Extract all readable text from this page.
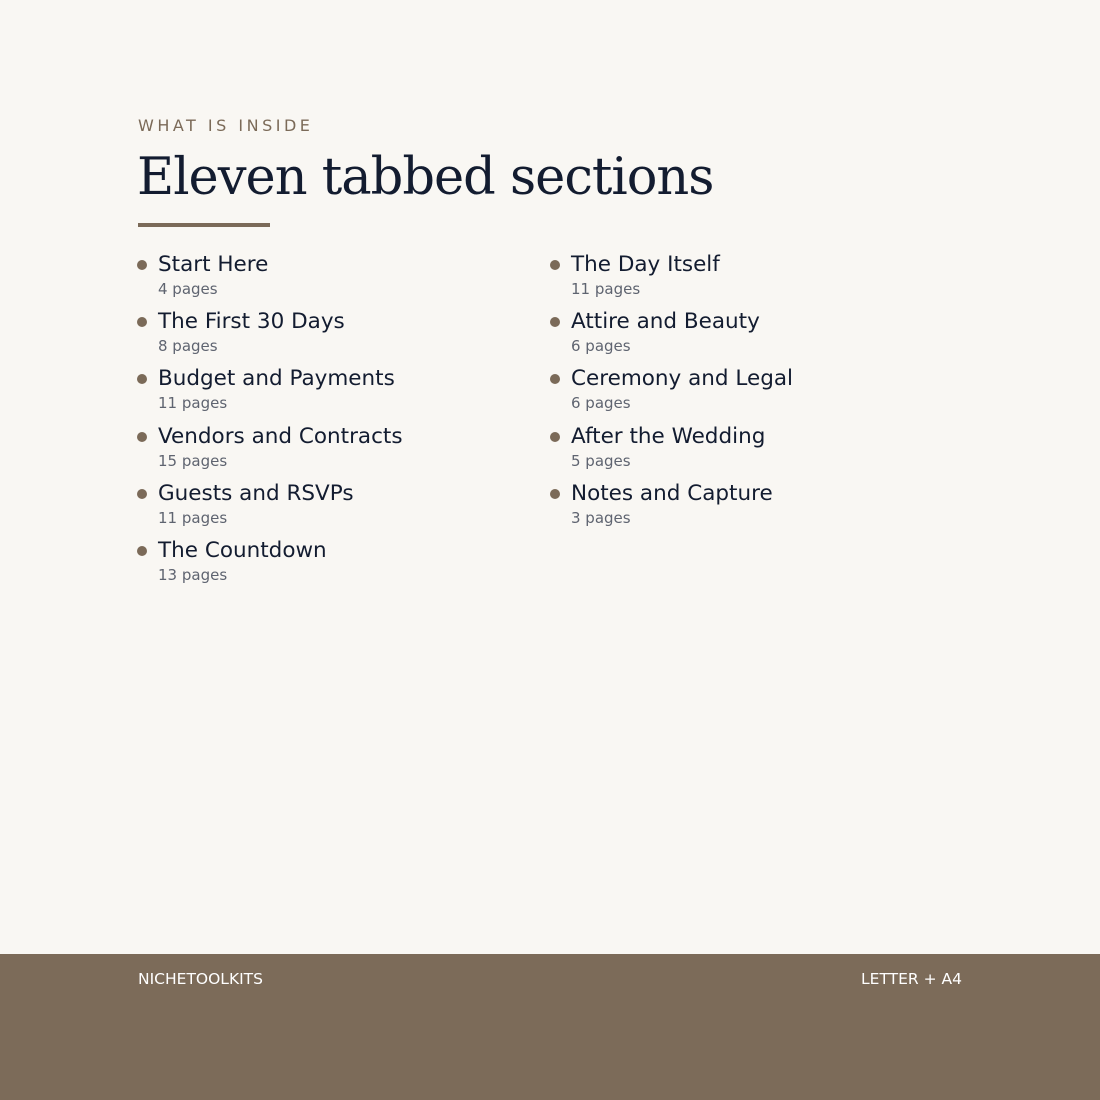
WHAT IS INSIDE
Eleven tabbed sections
Start Here
4 pages
The First 30 Days
8 pages
Budget and Payments
11 pages
Vendors and Contracts
15 pages
Guests and RSVPs
11 pages
The Countdown
13 pages
The Day Itself
11 pages
Attire and Beauty
6 pages
Ceremony and Legal
6 pages
After the Wedding
5 pages
Notes and Capture
3 pages
NICHETOOLKITS	LETTER + A4
